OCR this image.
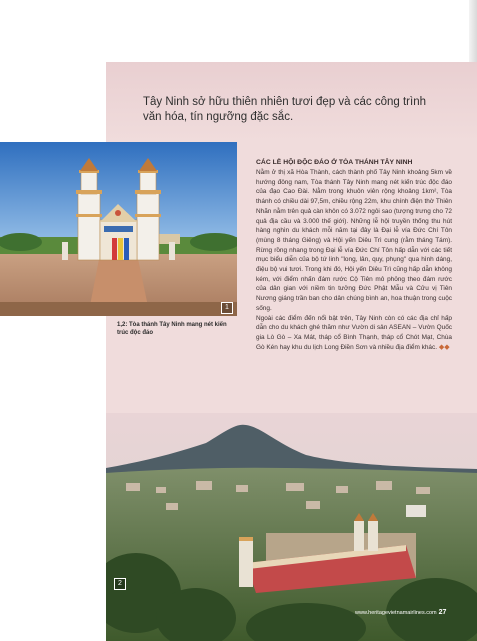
Tây Ninh sở hữu thiên nhiên tươi đẹp và các công trình văn hóa, tín ngưỡng đặc sắc.

1

1,2: Tòa thánh Tây Ninh mang nét kiến trúc độc đáo

CÁC LỄ HỘI ĐỘC ĐÁO Ở TÒA THÁNH TÂY NINH

Nằm ở thị xã Hòa Thành, cách thành phố Tây Ninh khoảng 5km về hướng đông nam, Tòa thánh Tây Ninh mang nét kiến trúc độc đáo của đạo Cao Đài. Nằm trong khuôn viên rộng khoảng 1km², Tòa thánh có chiều dài 97,5m, chiều rộng 22m, khu chính điện thờ Thiên Nhãn nằm trên quả càn khôn có 3.072 ngôi sao (tượng trưng cho 72 quả địa cầu và 3.000 thế giới). Những lễ hội truyền thống thu hút hàng nghìn du khách mỗi năm tại đây là Đại lễ vía Đức Chí Tôn (mùng 8 tháng Giêng) và Hội yến Diêu Trì cung (rằm tháng Tám). Rừng rồng nhang trong Đại lễ vía Đức Chí Tôn hấp dẫn với các tiết mục biểu diễn của bộ tứ linh "long, lân, quy, phụng" qua hình dáng, điệu bộ vui tươi. Trong khi đó, Hội yến Diêu Trì cũng hấp dẫn không kém, với điểm nhấn đám rước Cộ Tiên mô phỏng theo đám rước của dân gian với niềm tin tưởng Đức Phật Mẫu và Cửu vị Tiên Nương giáng trần ban cho dân chúng bình an, hoa thuận trong cuộc sống.

Ngoài các điểm đến nổi bật trên, Tây Ninh còn có các địa chỉ hấp dẫn cho du khách ghé thăm như Vườn di sản ASEAN – Vườn Quốc gia Lò Gò – Xa Mát, tháp cổ Bình Thạnh, tháp cổ Chót Mạt, Chùa Gò Kén hay khu du lịch Long Điền Sơn và nhiều địa điểm khác. ◆◆

2
www.heritagevietnamairlines.com 27
